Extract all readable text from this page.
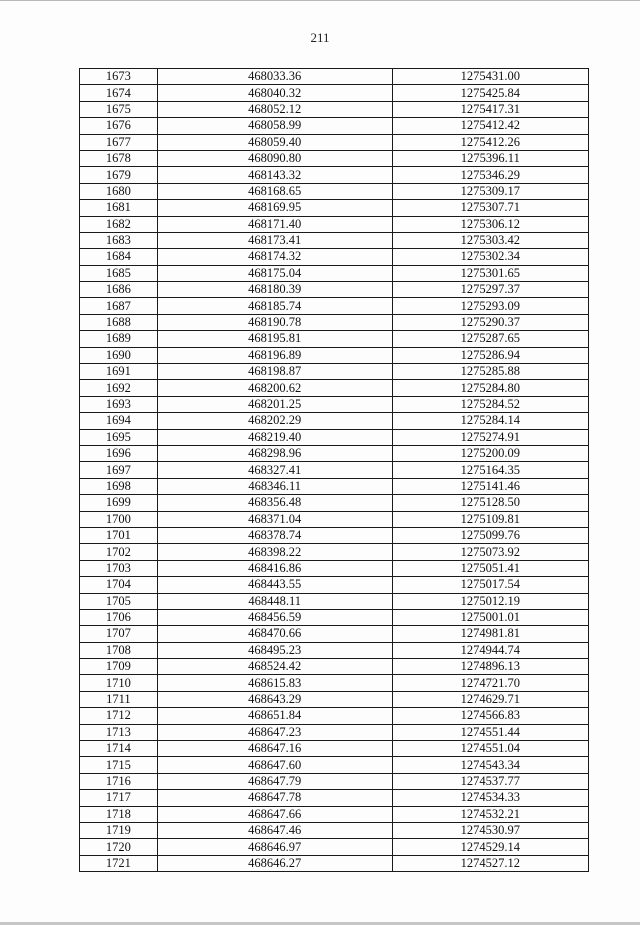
211
1673	468033.36	1275431.00
1674	468040.32	1275425.84
1675	468052.12	1275417.31
1676	468058.99	1275412.42
1677	468059.40	1275412.26
1678	468090.80	1275396.11
1679	468143.32	1275346.29
1680	468168.65	1275309.17
1681	468169.95	1275307.71
1682	468171.40	1275306.12
1683	468173.41	1275303.42
1684	468174.32	1275302.34
1685	468175.04	1275301.65
1686	468180.39	1275297.37
1687	468185.74	1275293.09
1688	468190.78	1275290.37
1689	468195.81	1275287.65
1690	468196.89	1275286.94
1691	468198.87	1275285.88
1692	468200.62	1275284.80
1693	468201.25	1275284.52
1694	468202.29	1275284.14
1695	468219.40	1275274.91
1696	468298.96	1275200.09
1697	468327.41	1275164.35
1698	468346.11	1275141.46
1699	468356.48	1275128.50
1700	468371.04	1275109.81
1701	468378.74	1275099.76
1702	468398.22	1275073.92
1703	468416.86	1275051.41
1704	468443.55	1275017.54
1705	468448.11	1275012.19
1706	468456.59	1275001.01
1707	468470.66	1274981.81
1708	468495.23	1274944.74
1709	468524.42	1274896.13
1710	468615.83	1274721.70
1711	468643.29	1274629.71
1712	468651.84	1274566.83
1713	468647.23	1274551.44
1714	468647.16	1274551.04
1715	468647.60	1274543.34
1716	468647.79	1274537.77
1717	468647.78	1274534.33
1718	468647.66	1274532.21
1719	468647.46	1274530.97
1720	468646.97	1274529.14
1721	468646.27	1274527.12
